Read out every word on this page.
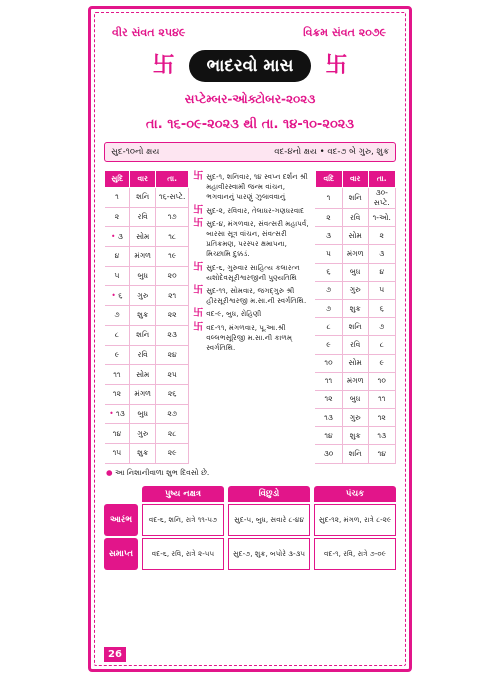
વીર સંવત ૨૫૪૯	વિક્રમ સંવત ૨૦૭૯
卐	ભાદરવો માસ	卐
સપ્ટેમ્બર-ઓક્ટોબર-૨૦૨૩
તા. ૧૬-૦૯-૨૦૨૩ થી તા. ૧૪-૧૦-૨૦૨૩
સુદ-૧૦નો ક્ષય	વદ-૪નો ક્ષય • વદ-૭ બે ગુરુ, શુક્ર
સુદિ	વાર	તા.
૧	શનિ	૧૬-સપ્ટે.
૨	રવિ	૧૭
• ૩	સોમ	૧૮
૪	મંગળ	૧૯
૫	બુધ	૨૦
• ૬	ગુરુ	૨૧
૭	શુક્ર	૨૨
૮	શનિ	૨૩
૯	રવિ	૨૪
૧૧	સોમ	૨૫
૧૨	મંગળ	૨૬
• ૧૩	બુધ	૨૭
૧૪	ગુરુ	૨૮
૧૫	શુક્ર	૨૯
卐 સુદ-૧, શનિવાર, ૧૪ સ્વપ્ન દર્શન શ્રી મહાવીરસ્વામી જન્મ વાંચન, ભગવાનનું પારણું ઝુલાવવાનું
卐 સુદ-૨, રવિવાર, તેલાધર-ગણધરવાદ
卐 સુદ-૪, મંગળવાર, સંવત્સરી મહાપર્વ, બારસા સૂત્ર વાંચન, સંવત્સરી પ્રતિક્રમણ, પરસ્પર ક્ષમાપના, મિચ્છામિ દુક્કડં.
卐 સુદ-૬, ગુરુવાર સાહિત્ય કલારત્ન યશોદેવસૂરીશ્વરજીની પુણ્યતિથિ
卐 સુદ-૧૧, સોમવાર, જગદ્ગુરુ શ્રી હીરસૂરીશ્વરજી મ.સા.ની સ્વર્ગતિથિ.
卐 વદ-૯, બુધ, રોહિણી
卐 વદ-૧૧, મંગળવાર, પૂ.આ.શ્રી વલ્લભસૂરિજી મ.સા.ની કાળમ્ સ્વર્ગતિથિ.
વદિ	વાર	તા.
૧	શનિ	૩૦-સપ્ટે.
૨	રવિ	૧-ઓ.
૩	સોમ	૨
૫	મંગળ	૩
૬	બુધ	૪
૭	ગુરુ	૫
૭	શુક્ર	૬
૮	શનિ	૭
૯	રવિ	૮
૧૦	સોમ	૯
૧૧	મંગળ	૧૦
૧૨	બુધ	૧૧
૧૩	ગુરુ	૧૨
૧૪	શુક્ર	૧૩
૩૦	શનિ	૧૪
● આ નિશાનીવાળા શુભ દિવસો છે.
પુષ્ય નક્ષત્ર	વિંછુડો	પંચક
આરંભ	વદ-૬, શનિ, રાત્રે ૧૧-૫૭	સુદ-૫, બુધ, સવારે ૮-૪૪	સુદ-૧૨, મંગળ, રાત્રે ૮-૨૯
સમાપ્ત	વદ-૬, રવિ, રાત્રે ૨-૫૫	સુદ-૭, શુક્ર, બપોરે ૩-૩૫	વદ-૧, રવિ, રાત્રે ૭-૦૯
26
